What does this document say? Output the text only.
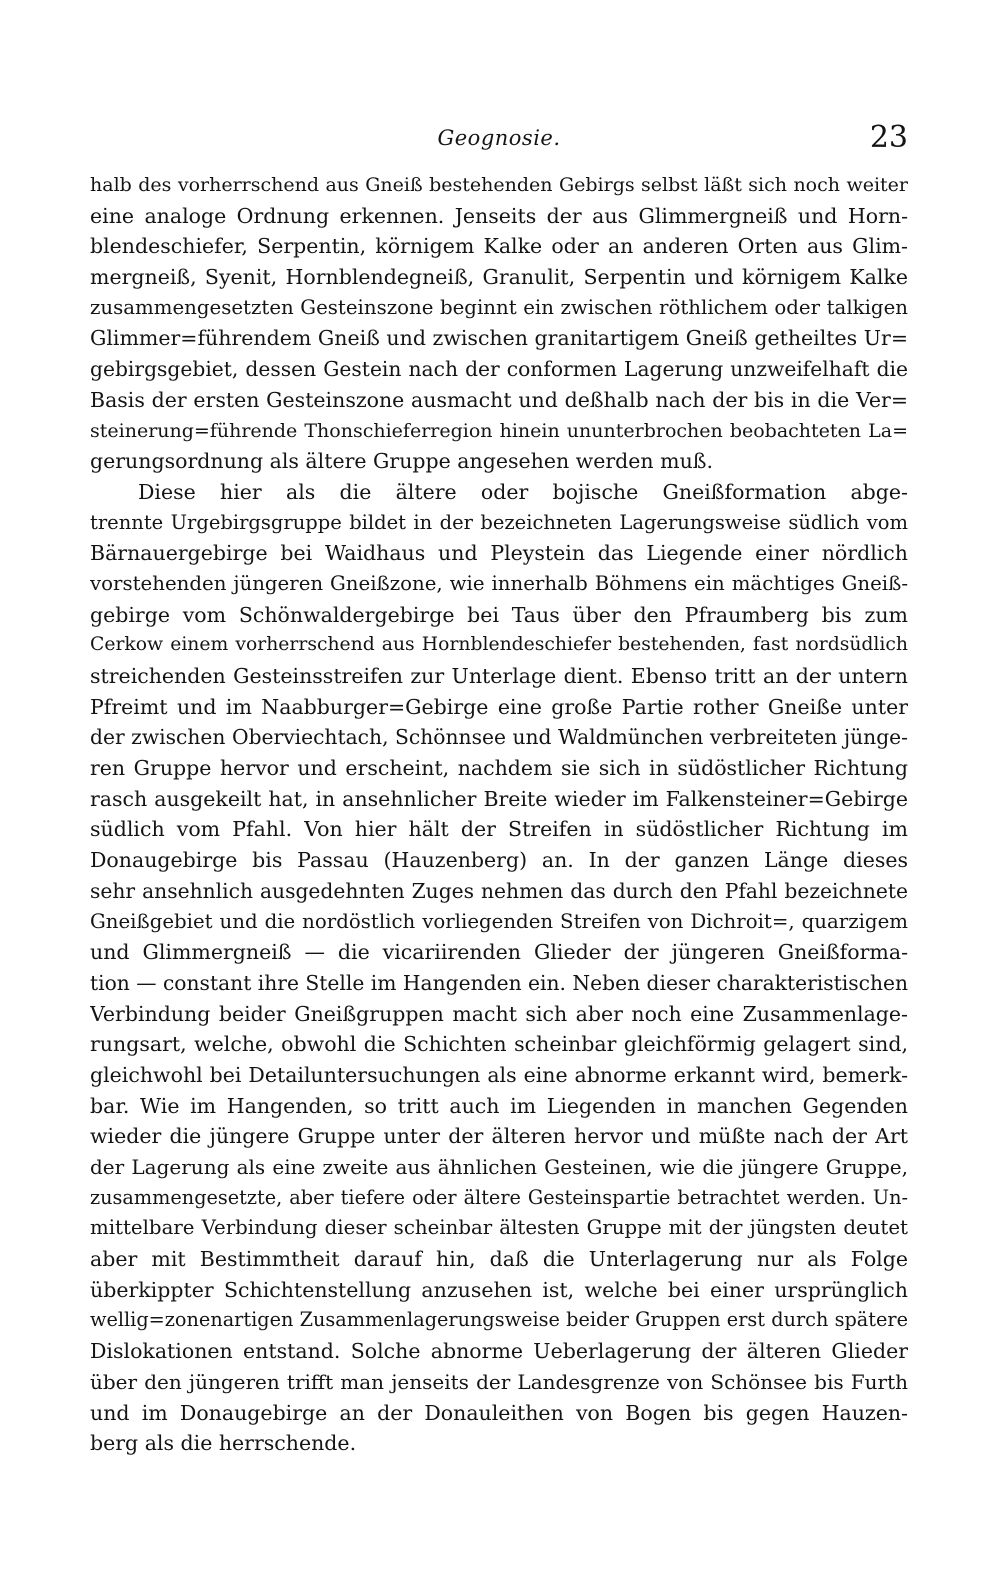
Geognosie.	23
halb des vorherrschend aus Gneiß bestehenden Gebirgs selbst läßt sich noch weiter
eine analoge Ordnung erkennen. Jenseits der aus Glimmergneiß und Horn-
blendeschiefer, Serpentin, körnigem Kalke oder an anderen Orten aus Glim-
mergneiß, Syenit, Hornblendegneiß, Granulit, Serpentin und körnigem Kalke
zusammengesetzten Gesteinszone beginnt ein zwischen röthlichem oder talkigen
Glimmer=führendem Gneiß und zwischen granitartigem Gneiß getheiltes Ur=
gebirgsgebiet, dessen Gestein nach der conformen Lagerung unzweifelhaft die
Basis der ersten Gesteinszone ausmacht und deßhalb nach der bis in die Ver=
steinerung=führende Thonschieferregion hinein ununterbrochen beobachteten La=
gerungsordnung als ältere Gruppe angesehen werden muß.
Diese hier als die ältere oder bojische Gneißformation abge-
trennte Urgebirgsgruppe bildet in der bezeichneten Lagerungsweise südlich vom
Bärnauergebirge bei Waidhaus und Pleystein das Liegende einer nördlich
vorstehenden jüngeren Gneißzone, wie innerhalb Böhmens ein mächtiges Gneiß-
gebirge vom Schönwaldergebirge bei Taus über den Pfraumberg bis zum
Cerkow einem vorherrschend aus Hornblendeschiefer bestehenden, fast nordsüdlich
streichenden Gesteinsstreifen zur Unterlage dient. Ebenso tritt an der untern
Pfreimt und im Naabburger=Gebirge eine große Partie rother Gneiße unter
der zwischen Oberviechtach, Schönnsee und Waldmünchen verbreiteten jünge-
ren Gruppe hervor und erscheint, nachdem sie sich in südöstlicher Richtung
rasch ausgekeilt hat, in ansehnlicher Breite wieder im Falkensteiner=Gebirge
südlich vom Pfahl. Von hier hält der Streifen in südöstlicher Richtung im
Donaugebirge bis Passau (Hauzenberg) an. In der ganzen Länge dieses
sehr ansehnlich ausgedehnten Zuges nehmen das durch den Pfahl bezeichnete
Gneißgebiet und die nordöstlich vorliegenden Streifen von Dichroit=, quarzigem
und Glimmergneiß — die vicariirenden Glieder der jüngeren Gneißforma-
tion — constant ihre Stelle im Hangenden ein. Neben dieser charakteristischen
Verbindung beider Gneißgruppen macht sich aber noch eine Zusammenlage-
rungsart, welche, obwohl die Schichten scheinbar gleichförmig gelagert sind,
gleichwohl bei Detailuntersuchungen als eine abnorme erkannt wird, bemerk-
bar. Wie im Hangenden, so tritt auch im Liegenden in manchen Gegenden
wieder die jüngere Gruppe unter der älteren hervor und müßte nach der Art
der Lagerung als eine zweite aus ähnlichen Gesteinen, wie die jüngere Gruppe,
zusammengesetzte, aber tiefere oder ältere Gesteinspartie betrachtet werden. Un-
mittelbare Verbindung dieser scheinbar ältesten Gruppe mit der jüngsten deutet
aber mit Bestimmtheit darauf hin, daß die Unterlagerung nur als Folge
überkippter Schichtenstellung anzusehen ist, welche bei einer ursprünglich
wellig=zonenartigen Zusammenlagerungsweise beider Gruppen erst durch spätere
Dislokationen entstand. Solche abnorme Ueberlagerung der älteren Glieder
über den jüngeren trifft man jenseits der Landesgrenze von Schönsee bis Furth
und im Donaugebirge an der Donauleithen von Bogen bis gegen Hauzen-
berg als die herrschende.
